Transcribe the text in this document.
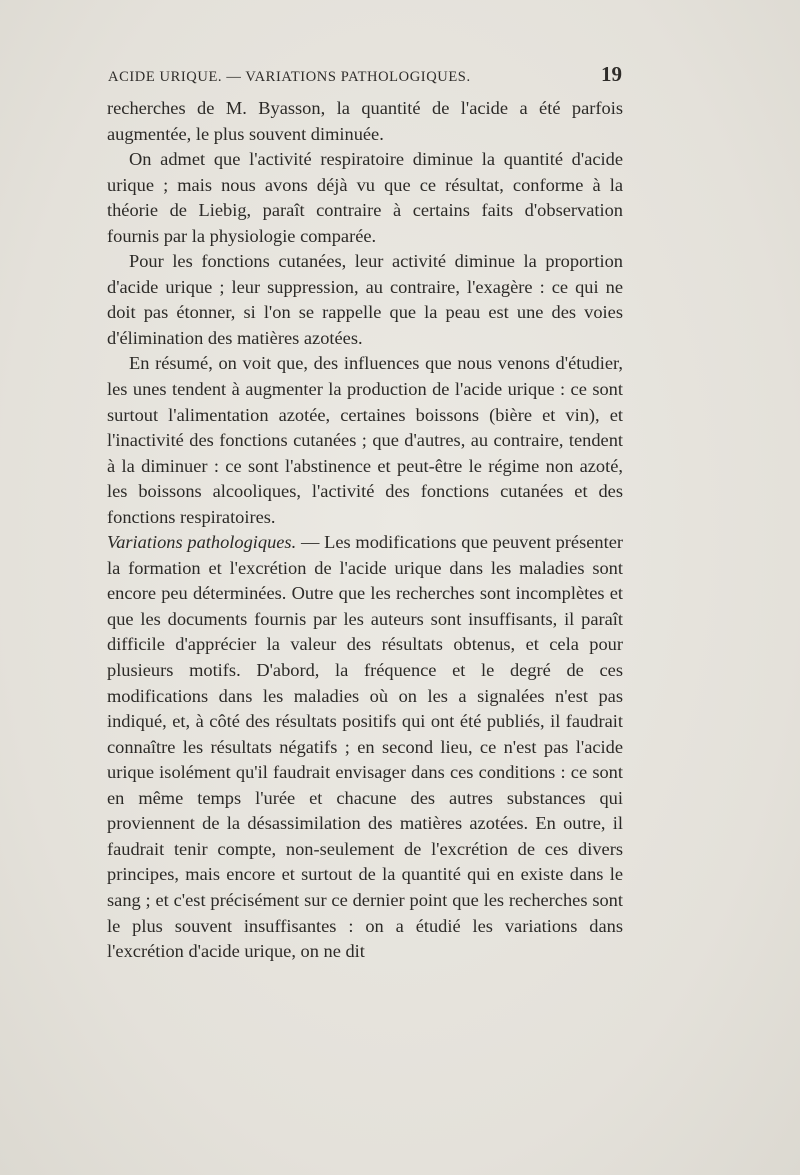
ACIDE URIQUE. — VARIATIONS PATHOLOGIQUES.	19

recherches de M. Byasson, la quantité de l'acide a été parfois augmentée, le plus souvent diminuée.

On admet que l'activité respiratoire diminue la quantité d'acide urique ; mais nous avons déjà vu que ce résultat, conforme à la théorie de Liebig, paraît contraire à certains faits d'observation fournis par la physiologie comparée.

Pour les fonctions cutanées, leur activité diminue la proportion d'acide urique ; leur suppression, au contraire, l'exagère : ce qui ne doit pas étonner, si l'on se rappelle que la peau est une des voies d'élimination des matières azotées.

En résumé, on voit que, des influences que nous venons d'étudier, les unes tendent à augmenter la production de l'acide urique : ce sont surtout l'alimentation azotée, certaines boissons (bière et vin), et l'inactivité des fonctions cutanées ; que d'autres, au contraire, tendent à la diminuer : ce sont l'abstinence et peut-être le régime non azoté, les boissons alcooliques, l'activité des fonctions cutanées et des fonctions respiratoires.

Variations pathologiques. — Les modifications que peuvent présenter la formation et l'excrétion de l'acide urique dans les maladies sont encore peu déterminées. Outre que les recherches sont incomplètes et que les documents fournis par les auteurs sont insuffisants, il paraît difficile d'apprécier la valeur des résultats obtenus, et cela pour plusieurs motifs. D'abord, la fréquence et le degré de ces modifications dans les maladies où on les a signalées n'est pas indiqué, et, à côté des résultats positifs qui ont été publiés, il faudrait connaître les résultats négatifs ; en second lieu, ce n'est pas l'acide urique isolément qu'il faudrait envisager dans ces conditions : ce sont en même temps l'urée et chacune des autres substances qui proviennent de la désassimilation des matières azotées. En outre, il faudrait tenir compte, non-seulement de l'excrétion de ces divers principes, mais encore et surtout de la quantité qui en existe dans le sang ; et c'est précisément sur ce dernier point que les recherches sont le plus souvent insuffisantes : on a étudié les variations dans l'excrétion d'acide urique, on ne dit
